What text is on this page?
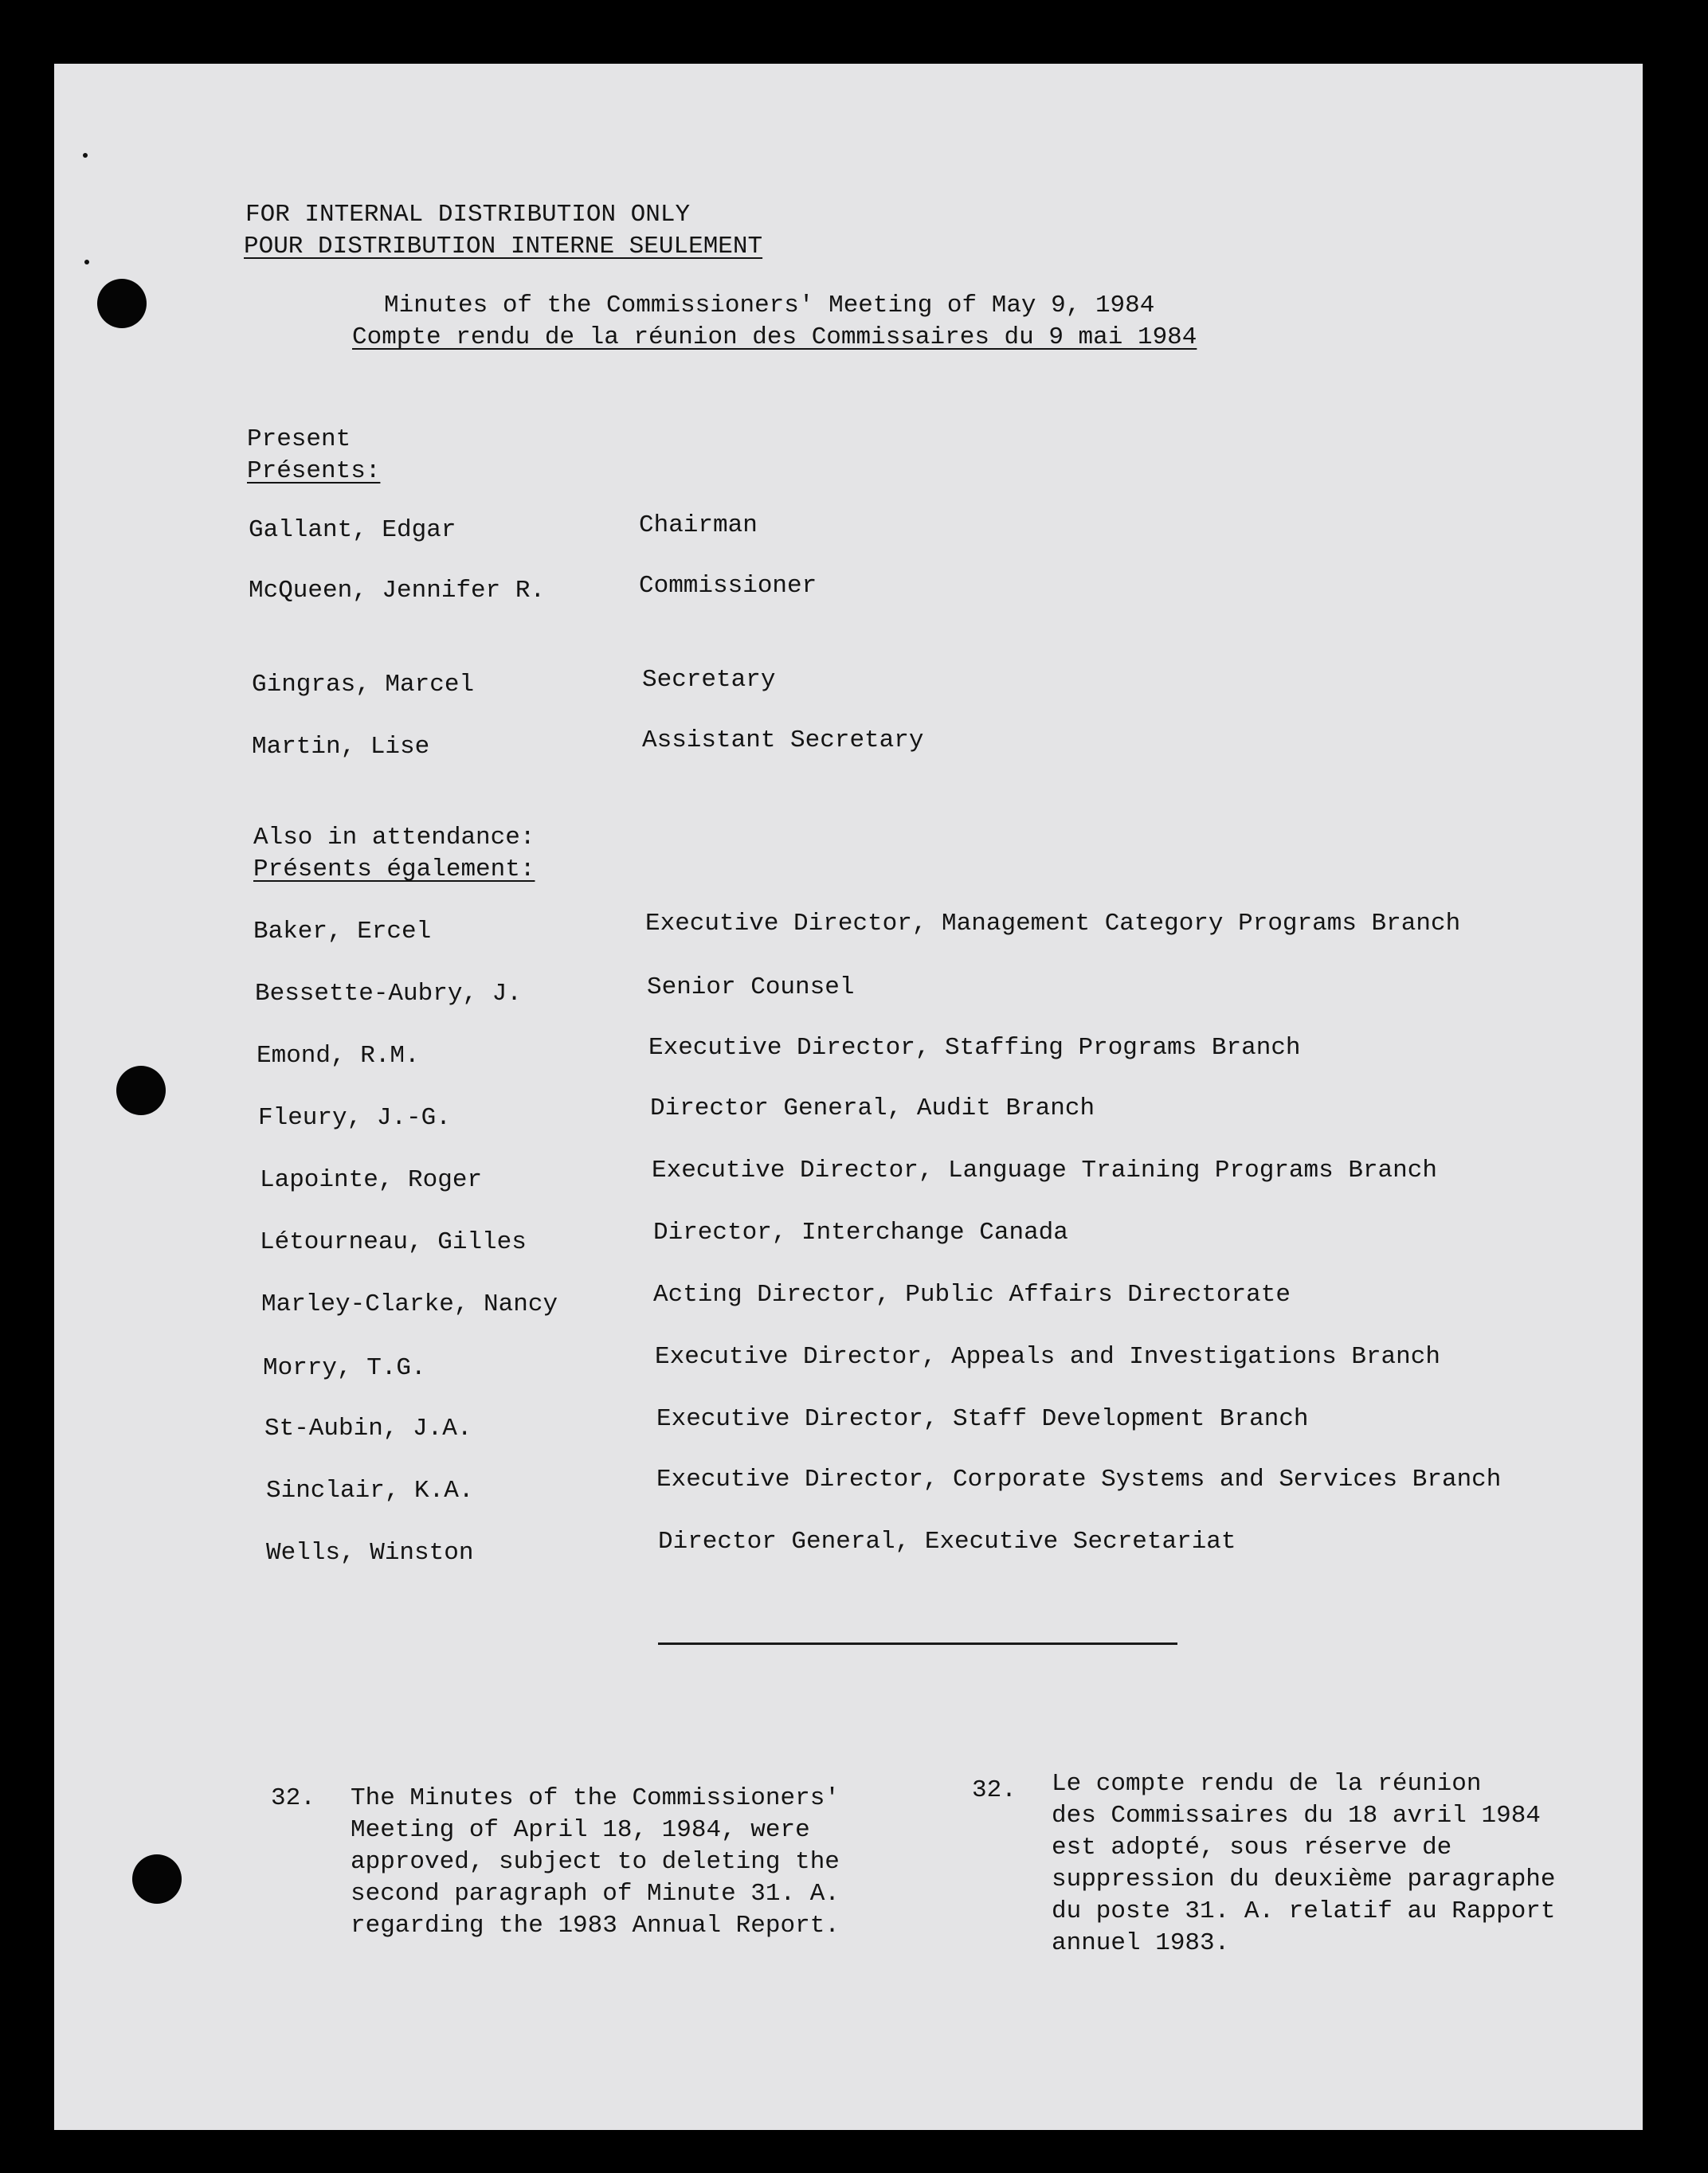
FOR INTERNAL DISTRIBUTION ONLY
POUR DISTRIBUTION INTERNE SEULEMENT
Minutes of the Commissioners' Meeting of May 9, 1984
Compte rendu de la réunion des Commissaires du 9 mai 1984
Present
Présents:
Gallant, Edgar	Chairman
McQueen, Jennifer R.	Commissioner
Gingras, Marcel	Secretary
Martin, Lise	Assistant Secretary
Also in attendance:
Présents également:
Baker, Ercel	Executive Director, Management Category Programs Branch
Bessette-Aubry, J.	Senior Counsel
Emond, R.M.	Executive Director, Staffing Programs Branch
Fleury, J.-G.	Director General, Audit Branch
Lapointe, Roger	Executive Director, Language Training Programs Branch
Létourneau, Gilles	Director, Interchange Canada
Marley-Clarke, Nancy	Acting Director, Public Affairs Directorate
Morry, T.G.	Executive Director, Appeals and Investigations Branch
St-Aubin, J.A.	Executive Director, Staff Development Branch
Sinclair, K.A.	Executive Director, Corporate Systems and Services Branch
Wells, Winston	Director General, Executive Secretariat
32. The Minutes of the Commissioners'
Meeting of April 18, 1984, were
approved, subject to deleting the
second paragraph of Minute 31. A.
regarding the 1983 Annual Report.
32. Le compte rendu de la réunion
des Commissaires du 18 avril 1984
est adopté, sous réserve de
suppression du deuxième paragraphe
du poste 31. A. relatif au Rapport
annuel 1983.
